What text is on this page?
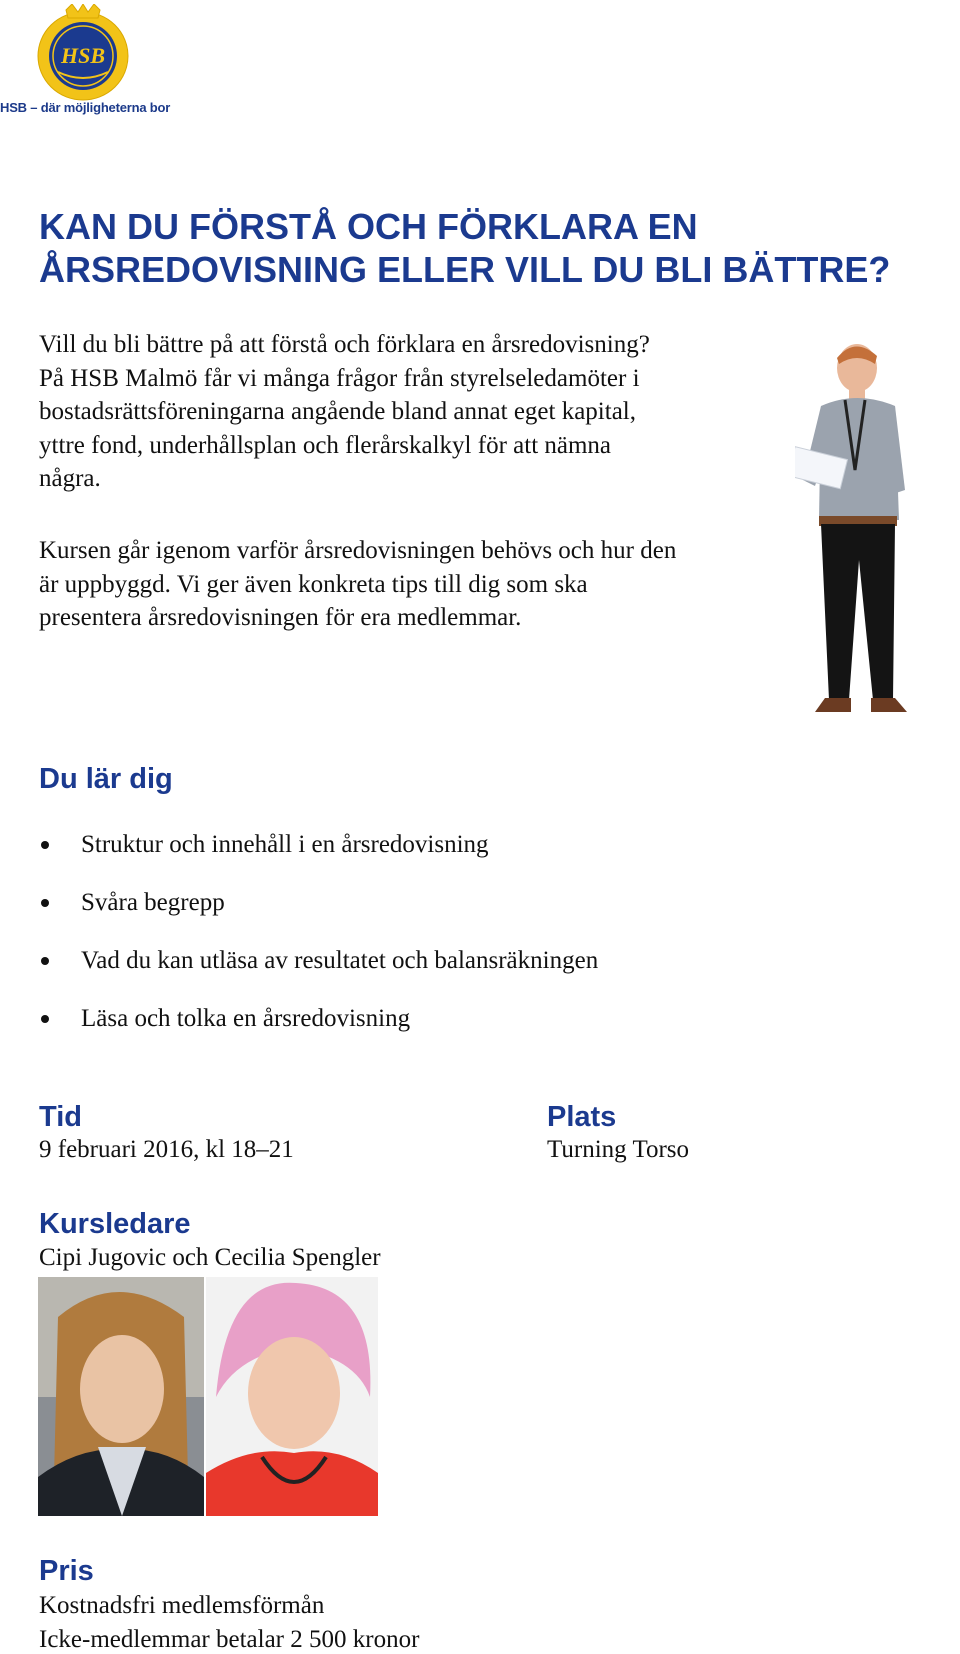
HSB
HSB – där möjligheterna bor
KAN DU FÖRSTÅ OCH FÖRKLARA EN
ÅRSREDOVISNING ELLER VILL DU BLI BÄTTRE?

Vill du bli bättre på att förstå och förklara en årsredovisning?
På HSB Malmö får vi många frågor från styrelseledamöter i
bostadsrättsföreningarna angående bland annat eget kapital,
yttre fond, underhållsplan och flerårskalkyl för att nämna
några.

Kursen går igenom varför årsredovisningen behövs och hur den
är uppbyggd. Vi ger även konkreta tips till dig som ska
presentera årsredovisningen för era medlemmar.

Du lär dig
Struktur och innehåll i en årsredovisning
Svåra begrepp
Vad du kan utläsa av resultatet och balansräkningen
Läsa och tolka en årsredovisning
Tid
9 februari 2016, kl 18–21
Plats
Turning Torso
Kursledare
Cipi Jugovic och Cecilia Spengler
Pris
Kostnadsfri medlemsförmån
Icke-medlemmar betalar 2 500 kronor
